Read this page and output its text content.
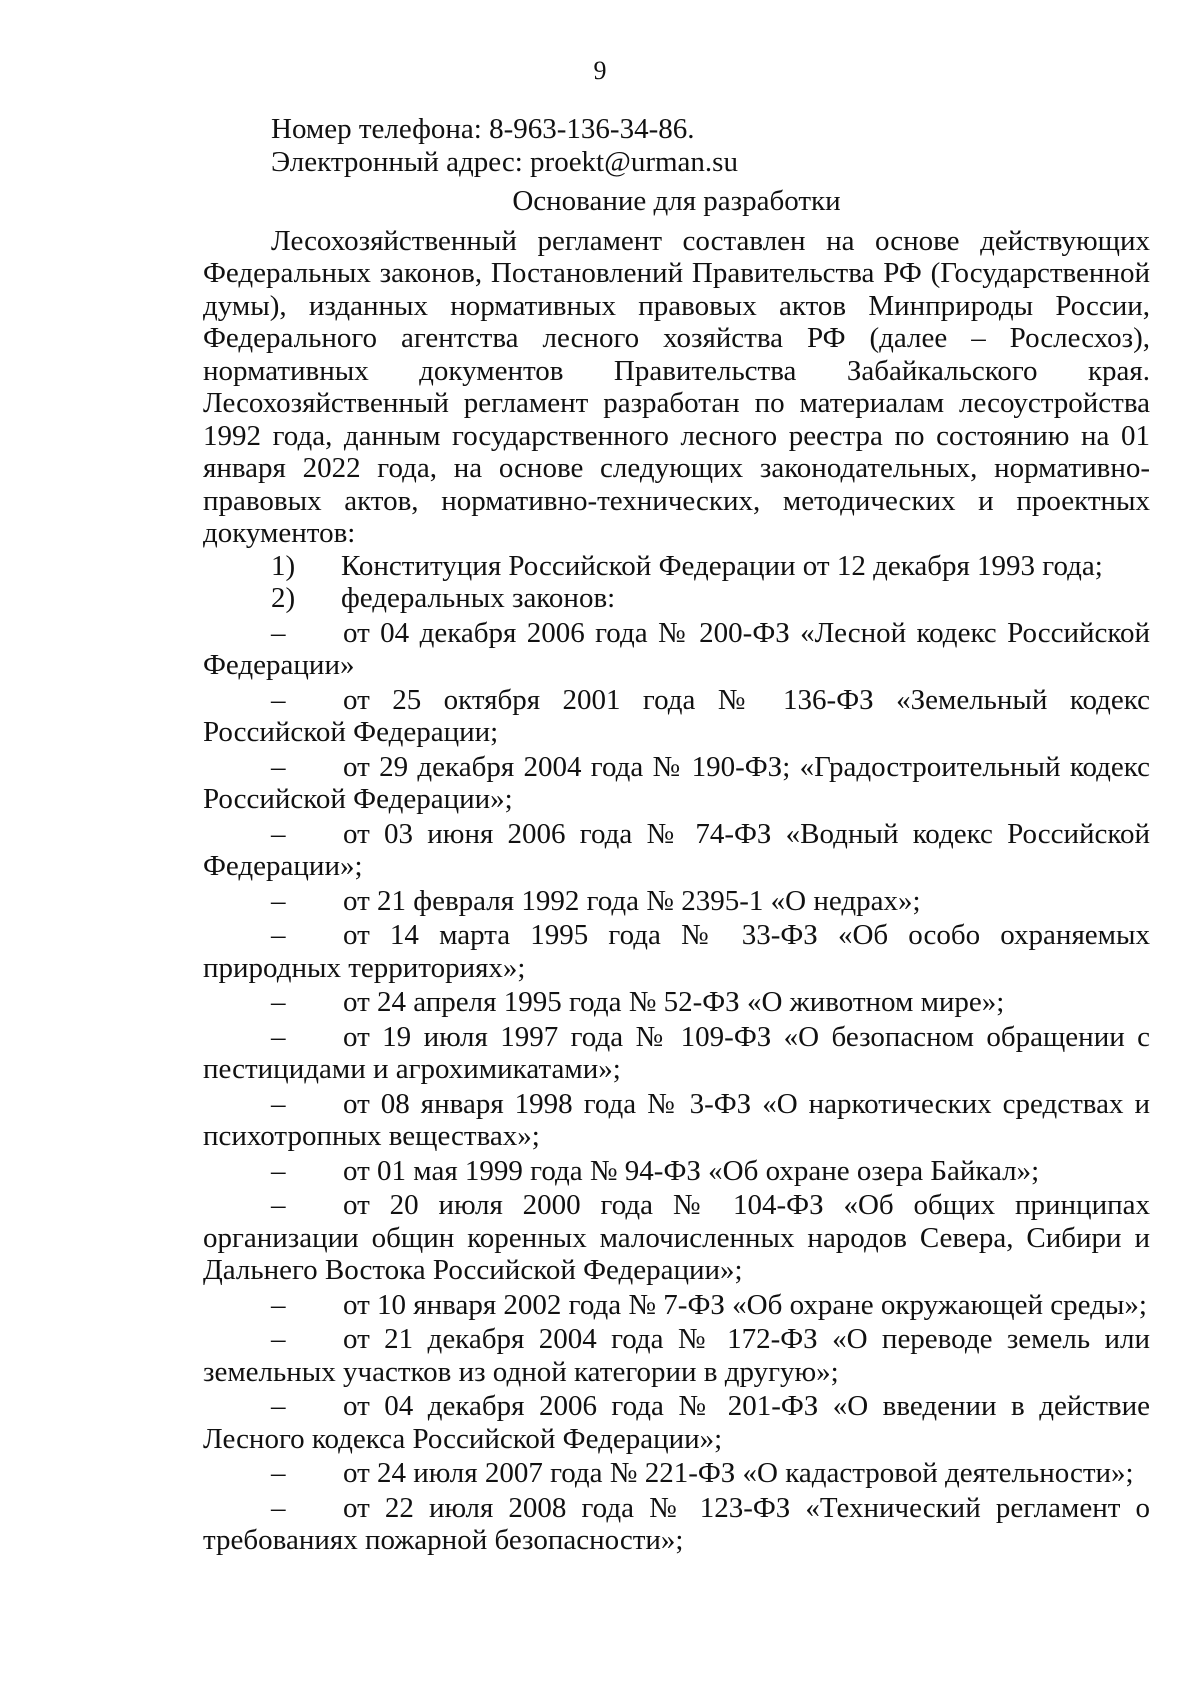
9

Номер телефона: 8-963-136-34-86.

Электронный адрес: proekt@urman.su

Основание для разработки

Лесохозяйственный регламент составлен на основе действующих Федеральных законов, Постановлений Правительства РФ (Государственной думы), изданных нормативных правовых актов Минприроды России, Федерального агентства лесного хозяйства РФ (далее – Рослесхоз), нормативных документов Правительства Забайкальского края. Лесохозяйственный регламент разработан по материалам лесоустройства 1992 года, данным государственного лесного реестра по состоянию на 01 января 2022 года, на основе следующих законодательных, нормативно-правовых актов, нормативно-технических, методических и проектных документов:

1)	Конституция Российской Федерации от 12 декабря 1993 года;
2)	федеральных законов:

– от 04 декабря 2006 года № 200-ФЗ «Лесной кодекс Российской Федерации»

– от 25 октября 2001 года № 136-ФЗ «Земельный кодекс Российской Федерации;

– от 29 декабря 2004 года № 190-ФЗ; «Градостроительный кодекс Российской Федерации»;

– от 03 июня 2006 года № 74-ФЗ «Водный кодекс Российской Федерации»;

– от 21 февраля 1992 года № 2395-1 «О недрах»;

– от 14 марта 1995 года № 33-ФЗ «Об особо охраняемых природных территориях»;

– от 24 апреля 1995 года № 52-ФЗ «О животном мире»;

– от 19 июля 1997 года № 109-ФЗ «О безопасном обращении с пестицидами и агрохимикатами»;

– от 08 января 1998 года № 3-ФЗ «О наркотических средствах и психотропных веществах»;

– от 01 мая 1999 года № 94-ФЗ «Об охране озера Байкал»;

– от 20 июля 2000 года № 104-ФЗ «Об общих принципах организации общин коренных малочисленных народов Севера, Сибири и Дальнего Востока Российской Федерации»;

– от 10 января 2002 года № 7-ФЗ «Об охране окружающей среды»;

– от 21 декабря 2004 года № 172-ФЗ «О переводе земель или земельных участков из одной категории в другую»;

– от 04 декабря 2006 года № 201-ФЗ «О введении в действие Лесного кодекса Российской Федерации»;

– от 24 июля 2007 года № 221-ФЗ «О кадастровой деятельности»;

– от 22 июля 2008 года № 123-ФЗ «Технический регламент о требованиях пожарной безопасности»;
